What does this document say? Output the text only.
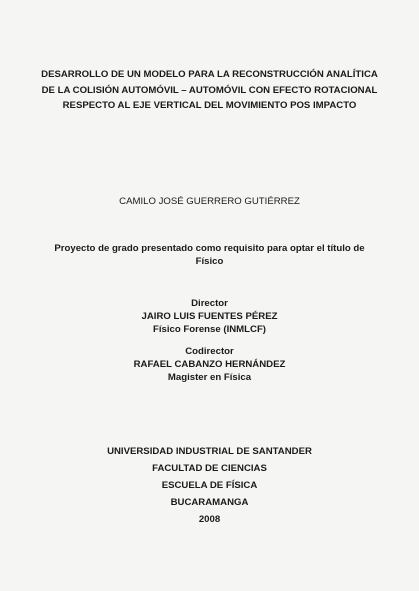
DESARROLLO DE UN MODELO PARA LA RECONSTRUCCIÓN ANALÍTICA
DE LA COLISIÓN AUTOMÓVIL – AUTOMÓVIL CON EFECTO ROTACIONAL
RESPECTO AL EJE VERTICAL DEL MOVIMIENTO POS IMPACTO
CAMILO JOSÉ GUERRERO GUTIÉRREZ
Proyecto de grado presentado como requisito para optar el título de
Físico
Director
JAIRO LUIS FUENTES PÉREZ
Físico Forense (INMLCF)
Codirector
RAFAEL CABANZO HERNÁNDEZ
Magister en Física
UNIVERSIDAD INDUSTRIAL DE SANTANDER
FACULTAD DE CIENCIAS
ESCUELA DE FÍSICA
BUCARAMANGA
2008
